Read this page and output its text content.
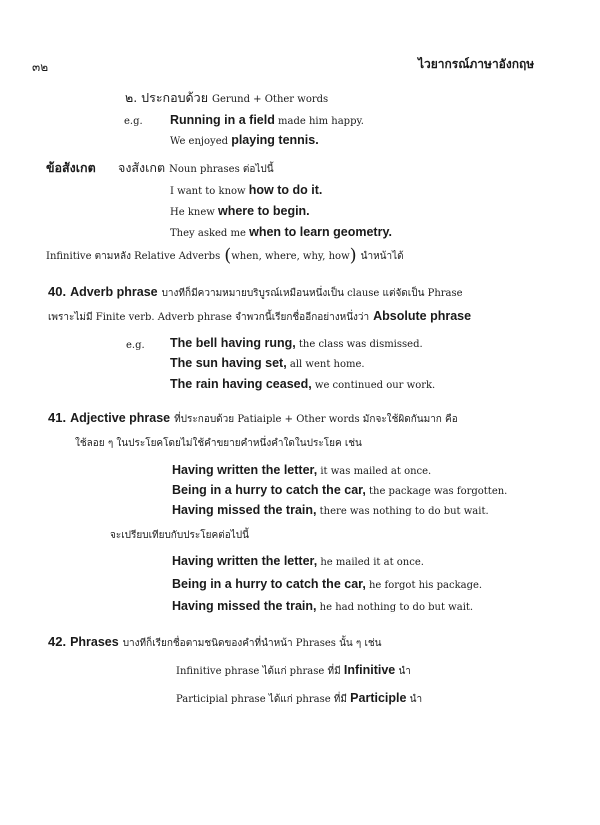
๓๒	ไวยากรณ์ภาษาอังกฤษ
๒. ประกอบด้วย Gerund + Other words
e.g. Running in a field made him happy.
We enjoyed playing tennis.
ข้อสังเกต จงสังเกต Noun phrases ต่อไปนี้
I want to know how to do it.
He knew where to begin.
They asked me when to learn geometry.
Infinitive ตามหลัง Relative Adverbs (when, where, why, how) นำหน้าได้
40. Adverb phrase บางทีก็มีความหมายบริบูรณ์เหมือนหนึ่งเป็น clause แต่จัดเป็น Phrase
เพราะไม่มี Finite verb. Adverb phrase จำพวกนี้เรียกชื่ออีกอย่างหนึ่งว่า Absolute phrase
e.g. The bell having rung, the class was dismissed.
The sun having set, all went home.
The rain having ceased, we continued our work.
41. Adjective phrase ที่ประกอบด้วย Patiaiple + Other words มักจะใช้ผิดกันมาก คือ
ใช้ลอย ๆ ในประโยคโดยไม่ใช้คำขยายคำหนึ่งคำใดในประโยค เช่น
Having written the letter, it was mailed at once.
Being in a hurry to catch the car, the package was forgotten.
Having missed the train, there was nothing to do but wait.
จะเปรียบเทียบกับประโยคต่อไปนี้
Having written the letter, he mailed it at once.
Being in a hurry to catch the car, he forgot his package.
Having missed the train, he had nothing to do but wait.
42. Phrases บางทีก็เรียกชื่อตามชนิดของคำที่นำหน้า Phrases นั้น ๆ เช่น
Infinitive phrase ได้แก่ phrase ที่มี Infinitive นำ
Participial phrase ได้แก่ phrase ที่มี Participle นำ
